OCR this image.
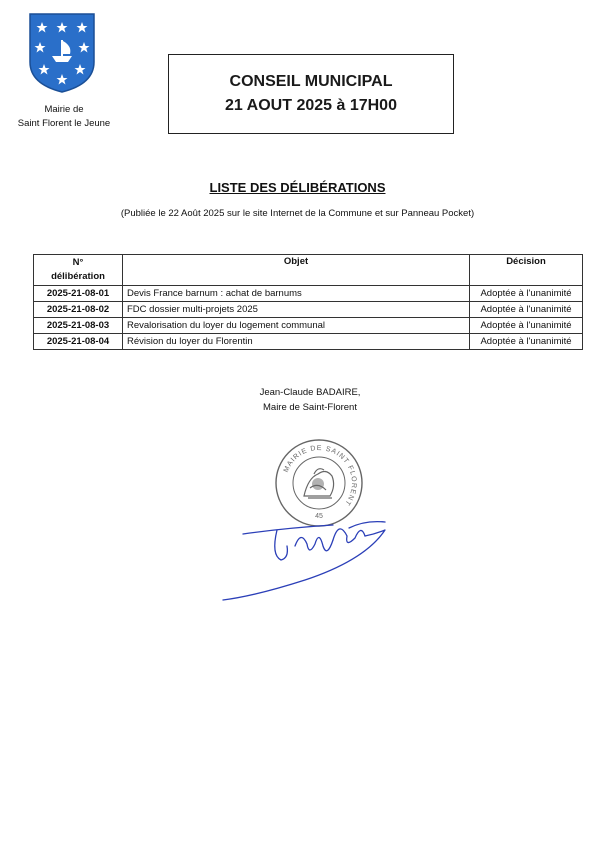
Mairie de
Saint Florent le Jeune
CONSEIL MUNICIPAL
21 AOUT 2025 à 17H00
LISTE DES DÉLIBÉRATIONS
(Publiée le 22 Août 2025 sur le site Internet de la Commune et sur Panneau Pocket)
N°
délibération	Objet	Décision
2025-21-08-01	Devis France barnum : achat de barnums	Adoptée à l'unanimité
2025-21-08-02	FDC dossier multi-projets 2025	Adoptée à l'unanimité
2025-21-08-03	Revalorisation du loyer du logement communal	Adoptée à l'unanimité
2025-21-08-04	Révision du loyer du Florentin	Adoptée à l'unanimité
Jean-Claude BADAIRE,
Maire de Saint-Florent
MAIRIE DE SAINT FLORENT
45
